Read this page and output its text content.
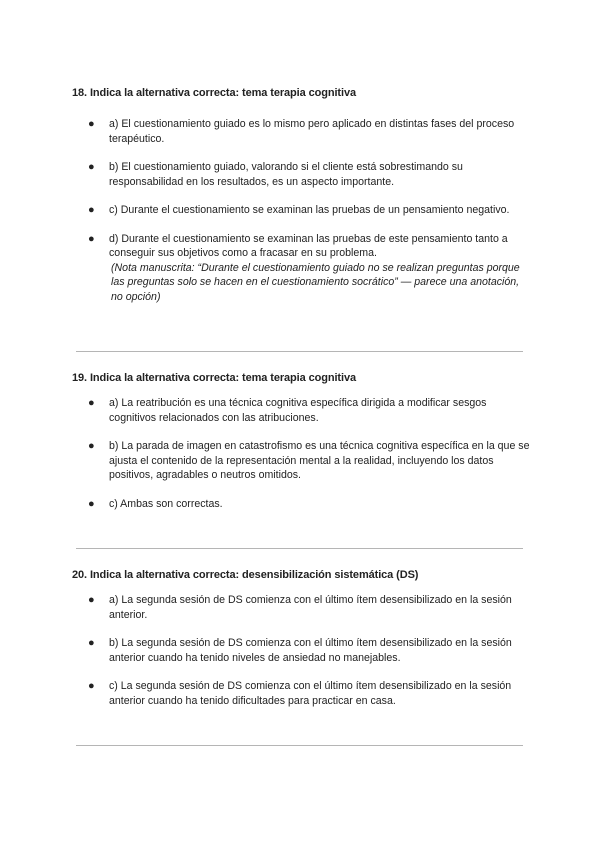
18. Indica la alternativa correcta: tema terapia cognitiva

● a) El cuestionamiento guiado es lo mismo pero aplicado en distintas fases del proceso terapéutico.
● b) El cuestionamiento guiado, valorando si el cliente está sobrestimando su responsabilidad en los resultados, es un aspecto importante.
● c) Durante el cuestionamiento se examinan las pruebas de un pensamiento negativo.
● d) Durante el cuestionamiento se examinan las pruebas de este pensamiento tanto a conseguir sus objetivos como a fracasar en su problema.
(Nota manuscrita: “Durante el cuestionamiento guiado no se realizan preguntas porque las preguntas solo se hacen en el cuestionamiento socrático” — parece una anotación, no opción)

19. Indica la alternativa correcta: tema terapia cognitiva

● a) La reatribución es una técnica cognitiva específica dirigida a modificar sesgos cognitivos relacionados con las atribuciones.
● b) La parada de imagen en catastrofismo es una técnica cognitiva específica en la que se ajusta el contenido de la representación mental a la realidad, incluyendo los datos positivos, agradables o neutros omitidos.
● c) Ambas son correctas.

20. Indica la alternativa correcta: desensibilización sistemática (DS)

● a) La segunda sesión de DS comienza con el último ítem desensibilizado en la sesión anterior.
● b) La segunda sesión de DS comienza con el último ítem desensibilizado en la sesión anterior cuando ha tenido niveles de ansiedad no manejables.
● c) La segunda sesión de DS comienza con el último ítem desensibilizado en la sesión anterior cuando ha tenido dificultades para practicar en casa.
